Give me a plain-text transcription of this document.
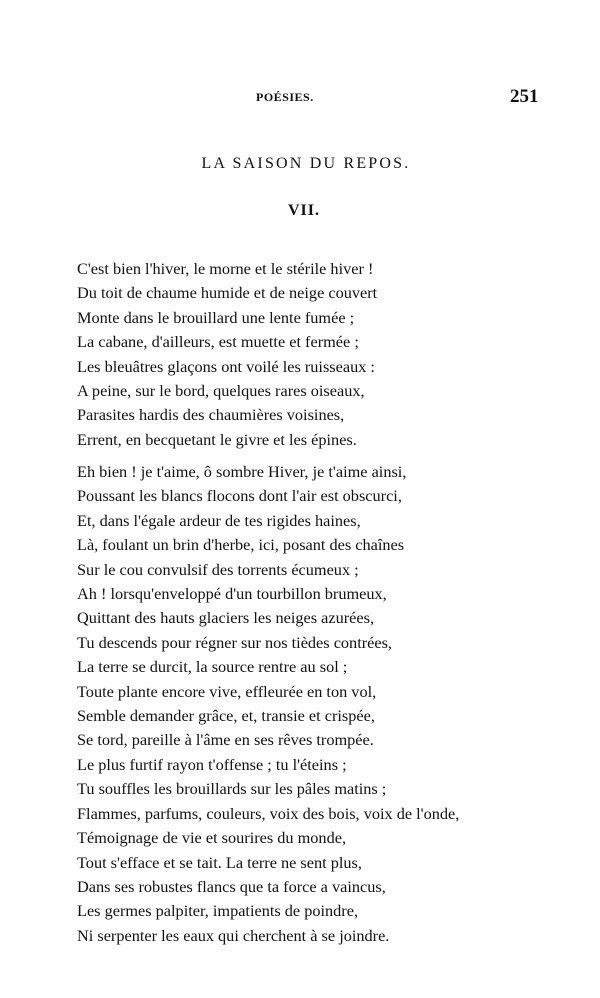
POÉSIES.	251
LA SAISON DU REPOS.
VII.
C'est bien l'hiver, le morne et le stérile hiver !
Du toit de chaume humide et de neige couvert
Monte dans le brouillard une lente fumée ;
La cabane, d'ailleurs, est muette et fermée ;
Les bleuâtres glaçons ont voilé les ruisseaux :
A peine, sur le bord, quelques rares oiseaux,
Parasites hardis des chaumières voisines,
Errent, en becquetant le givre et les épines.
Eh bien ! je t'aime, ô sombre Hiver, je t'aime ainsi,
Poussant les blancs flocons dont l'air est obscurci,
Et, dans l'égale ardeur de tes rigides haines,
Là, foulant un brin d'herbe, ici, posant des chaînes
Sur le cou convulsif des torrents écumeux ;
Ah ! lorsqu'enveloppé d'un tourbillon brumeux,
Quittant des hauts glaciers les neiges azurées,
Tu descends pour régner sur nos tièdes contrées,
La terre se durcit, la source rentre au sol ;
Toute plante encore vive, effleurée en ton vol,
Semble demander grâce, et, transie et crispée,
Se tord, pareille à l'âme en ses rêves trompée.
Le plus furtif rayon t'offense ; tu l'éteins ;
Tu souffles les brouillards sur les pâles matins ;
Flammes, parfums, couleurs, voix des bois, voix de l'onde,
Témoignage de vie et sourires du monde,
Tout s'efface et se tait. La terre ne sent plus,
Dans ses robustes flancs que ta force a vaincus,
Les germes palpiter, impatients de poindre,
Ni serpenter les eaux qui cherchent à se joindre.
